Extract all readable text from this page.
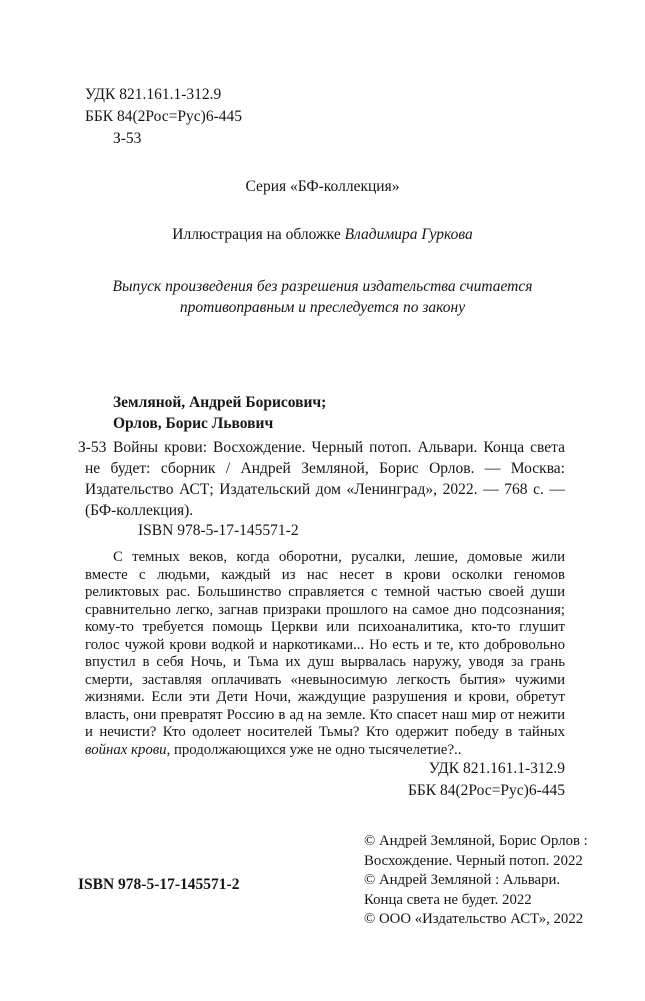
УДК 821.161.1-312.9
ББК 84(2Рос=Рус)6-445
З-53
Серия «БФ-коллекция»
Иллюстрация на обложке Владимира Гуркова
Выпуск произведения без разрешения издательства считается
противоправным и преследуется по закону
Земляной, Андрей Борисович;
Орлов, Борис Львович
З-53 Войны крови: Восхождение. Черный потоп. Альвари. Конца света не будет: сборник / Андрей Земляной, Борис Орлов. — Москва: Издательство АСТ; Издательский дом «Ленинград», 2022. — 768 с. — (БФ-коллекция).
ISBN 978-5-17-145571-2
С темных веков, когда оборотни, русалки, лешие, домовые жили вместе с людьми, каждый из нас несет в крови осколки геномов реликтовых рас. Большинство справляется с темной частью своей души сравнительно легко, загнав призраки прошлого на самое дно подсознания; кому-то требуется помощь Церкви или психоаналитика, кто-то глушит голос чужой крови водкой и наркотиками... Но есть и те, кто добровольно впустил в себя Ночь, и Тьма их душ вырвалась наружу, уводя за грань смерти, заставляя оплачивать «невыносимую легкость бытия» чужими жизнями. Если эти Дети Ночи, жаждущие разрушения и крови, обретут власть, они превратят Россию в ад на земле. Кто спасет наш мир от нежити и нечисти? Кто одолеет носителей Тьмы? Кто одержит победу в тайных войнах крови, продолжающихся уже не одно тысячелетие?..
УДК 821.161.1-312.9
ББК 84(2Рос=Рус)6-445
© Андрей Земляной, Борис Орлов :
Восхождение. Черный потоп. 2022
© Андрей Земляной : Альвари.
Конца света не будет. 2022
© ООО «Издательство АСТ», 2022
ISBN 978-5-17-145571-2
